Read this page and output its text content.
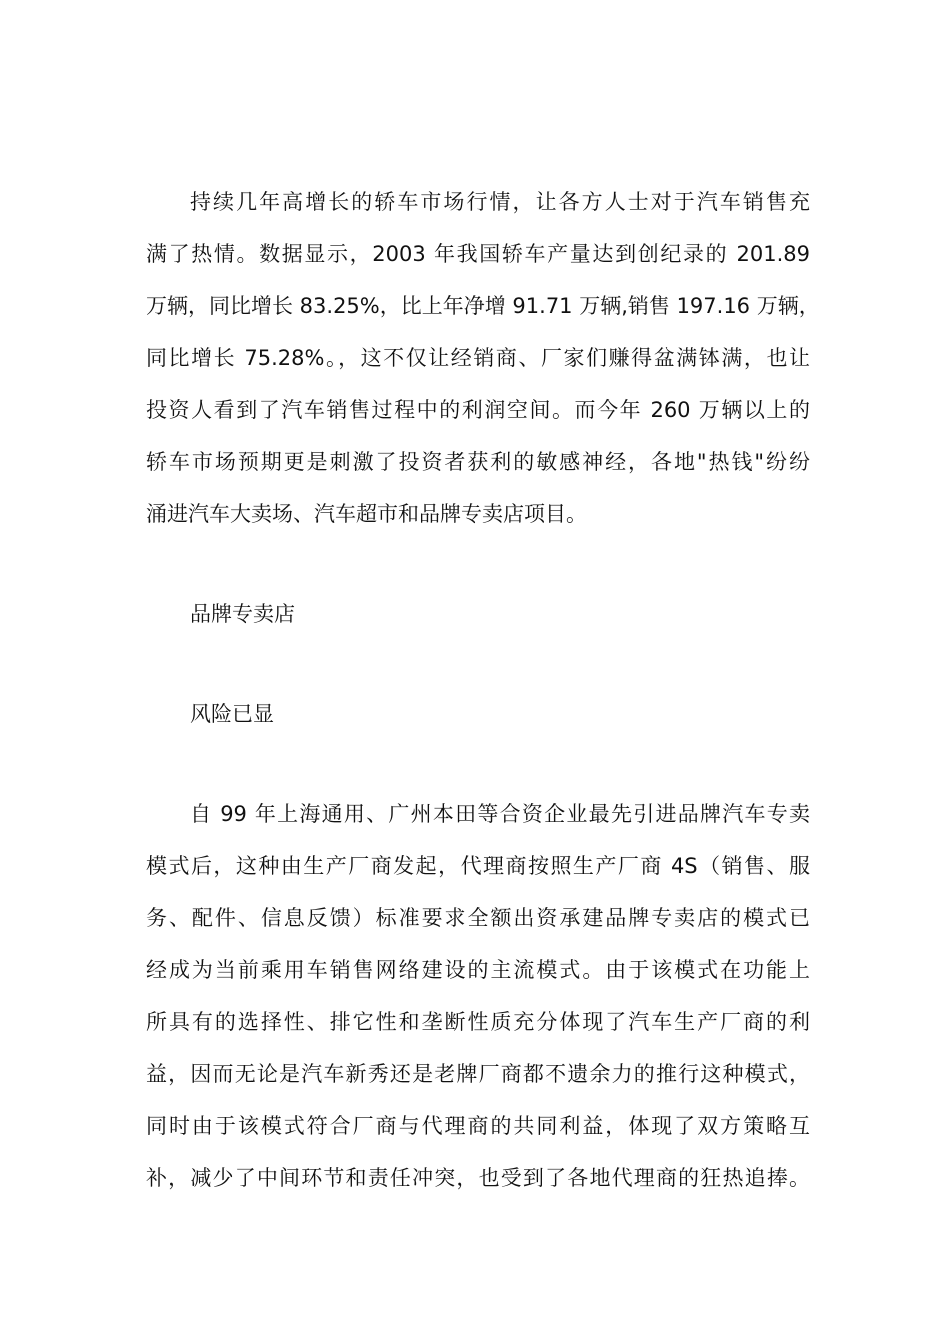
持续几年高增长的轿车市场行情，让各方人士对于汽车销售充
满了热情。数据显示，2003 年我国轿车产量达到创纪录的 201.89
万辆，同比增长 83.25%，比上年净增 91.71 万辆,销售 197.16 万辆，
同比增长 75.28%。，这不仅让经销商、厂家们赚得盆满钵满，也让
投资人看到了汽车销售过程中的利润空间。而今年 260 万辆以上的
轿车市场预期更是刺激了投资者获利的敏感神经，各地"热钱"纷纷
涌进汽车大卖场、汽车超市和品牌专卖店项目。
品牌专卖店
风险已显
自 99 年上海通用、广州本田等合资企业最先引进品牌汽车专卖
模式后，这种由生产厂商发起，代理商按照生产厂商 4S（销售、服
务、配件、信息反馈）标准要求全额出资承建品牌专卖店的模式已
经成为当前乘用车销售网络建设的主流模式。由于该模式在功能上
所具有的选择性、排它性和垄断性质充分体现了汽车生产厂商的利
益，因而无论是汽车新秀还是老牌厂商都不遗余力的推行这种模式，
同时由于该模式符合厂商与代理商的共同利益，体现了双方策略互
补，减少了中间环节和责任冲突，也受到了各地代理商的狂热追捧。
